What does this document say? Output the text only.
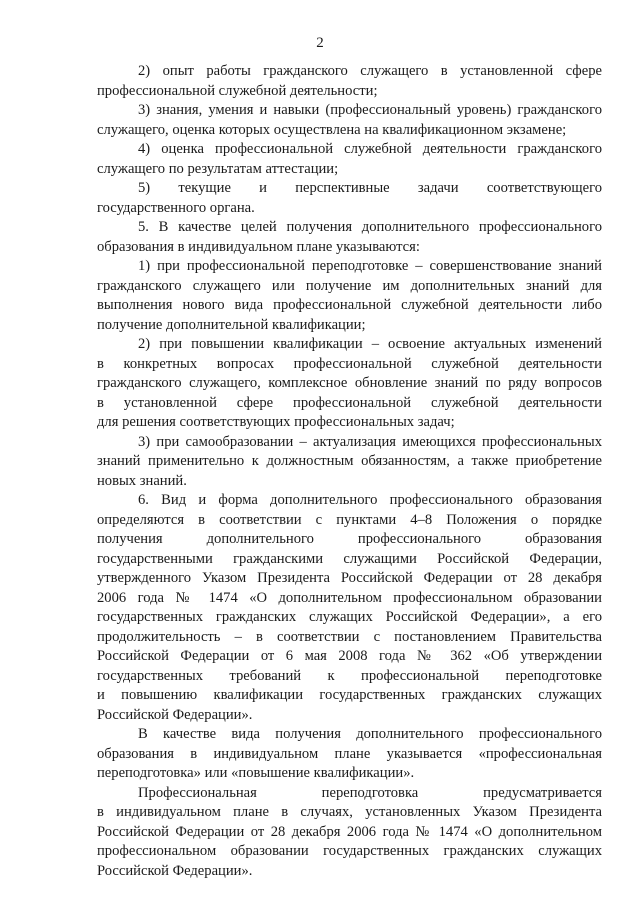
2
2) опыт работы гражданского служащего в установленной сфере
профессиональной служебной деятельности;
3) знания, умения и навыки (профессиональный уровень) гражданского
служащего, оценка которых осуществлена на квалификационном экзамене;
4) оценка профессиональной служебной деятельности гражданского
служащего по результатам аттестации;
5) текущие и перспективные задачи соответствующего
государственного органа.
5. В качестве целей получения дополнительного профессионального
образования в индивидуальном плане указываются:
1) при профессиональной переподготовке – совершенствование знаний
гражданского служащего или получение им дополнительных знаний для
выполнения нового вида профессиональной служебной деятельности либо
получение дополнительной квалификации;
2) при повышении квалификации – освоение актуальных изменений
в конкретных вопросах профессиональной служебной деятельности
гражданского служащего, комплексное обновление знаний по ряду вопросов
в установленной сфере профессиональной служебной деятельности
для решения соответствующих профессиональных задач;
3) при самообразовании – актуализация имеющихся профессиональных
знаний применительно к должностным обязанностям, а также приобретение
новых знаний.
6. Вид и форма дополнительного профессионального образования
определяются в соответствии с пунктами 4–8 Положения о порядке
получения дополнительного профессионального образования
государственными гражданскими служащими Российской Федерации,
утвержденного Указом Президента Российской Федерации от 28 декабря
2006 года № 1474 «О дополнительном профессиональном образовании
государственных гражданских служащих Российской Федерации», а его
продолжительность – в соответствии с постановлением Правительства
Российской Федерации от 6 мая 2008 года № 362 «Об утверждении
государственных требований к профессиональной переподготовке
и повышению квалификации государственных гражданских служащих
Российской Федерации».
В качестве вида получения дополнительного профессионального
образования в индивидуальном плане указывается «профессиональная
переподготовка» или «повышение квалификации».
Профессиональная переподготовка предусматривается
в индивидуальном плане в случаях, установленных Указом Президента
Российской Федерации от 28 декабря 2006 года № 1474 «О дополнительном
профессиональном образовании государственных гражданских служащих
Российской Федерации».
